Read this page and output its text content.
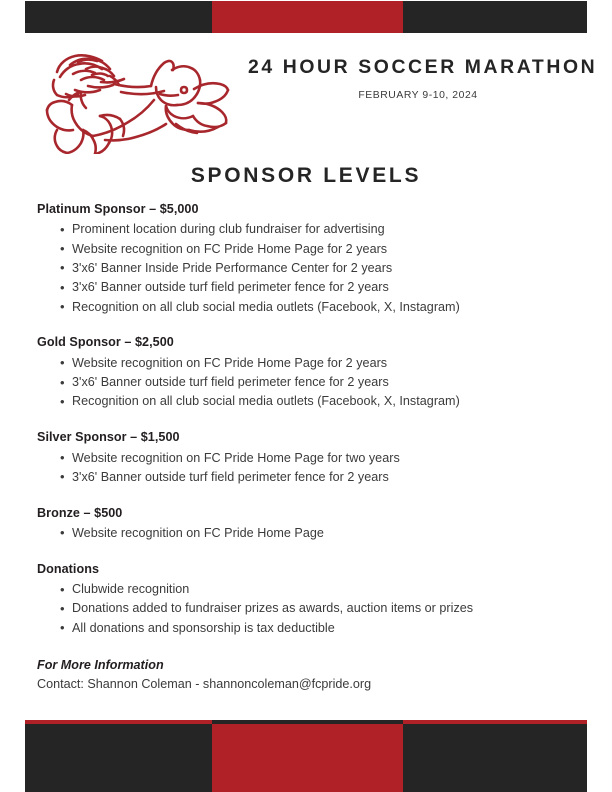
24 HOUR SOCCER MARATHON
FEBRUARY 9-10, 2024
SPONSOR LEVELS

Platinum Sponsor – $5,000

• Prominent location during club fundraiser for advertising
• Website recognition on FC Pride Home Page for 2 years
• 3'x6' Banner Inside Pride Performance Center for 2 years
• 3'x6' Banner outside turf field perimeter fence for 2 years
• Recognition on all club social media outlets (Facebook, X, Instagram)

Gold Sponsor – $2,500

• Website recognition on FC Pride Home Page for 2 years
• 3'x6' Banner outside turf field perimeter fence for 2 years
• Recognition on all club social media outlets (Facebook, X, Instagram)

Silver Sponsor – $1,500

• Website recognition on FC Pride Home Page for two years
• 3'x6' Banner outside turf field perimeter fence for 2 years

Bronze – $500

• Website recognition on FC Pride Home Page

Donations

• Clubwide recognition
• Donations added to fundraiser prizes as awards, auction items or prizes
• All donations and sponsorship is tax deductible

For More Information

Contact: Shannon Coleman - shannoncoleman@fcpride.org
